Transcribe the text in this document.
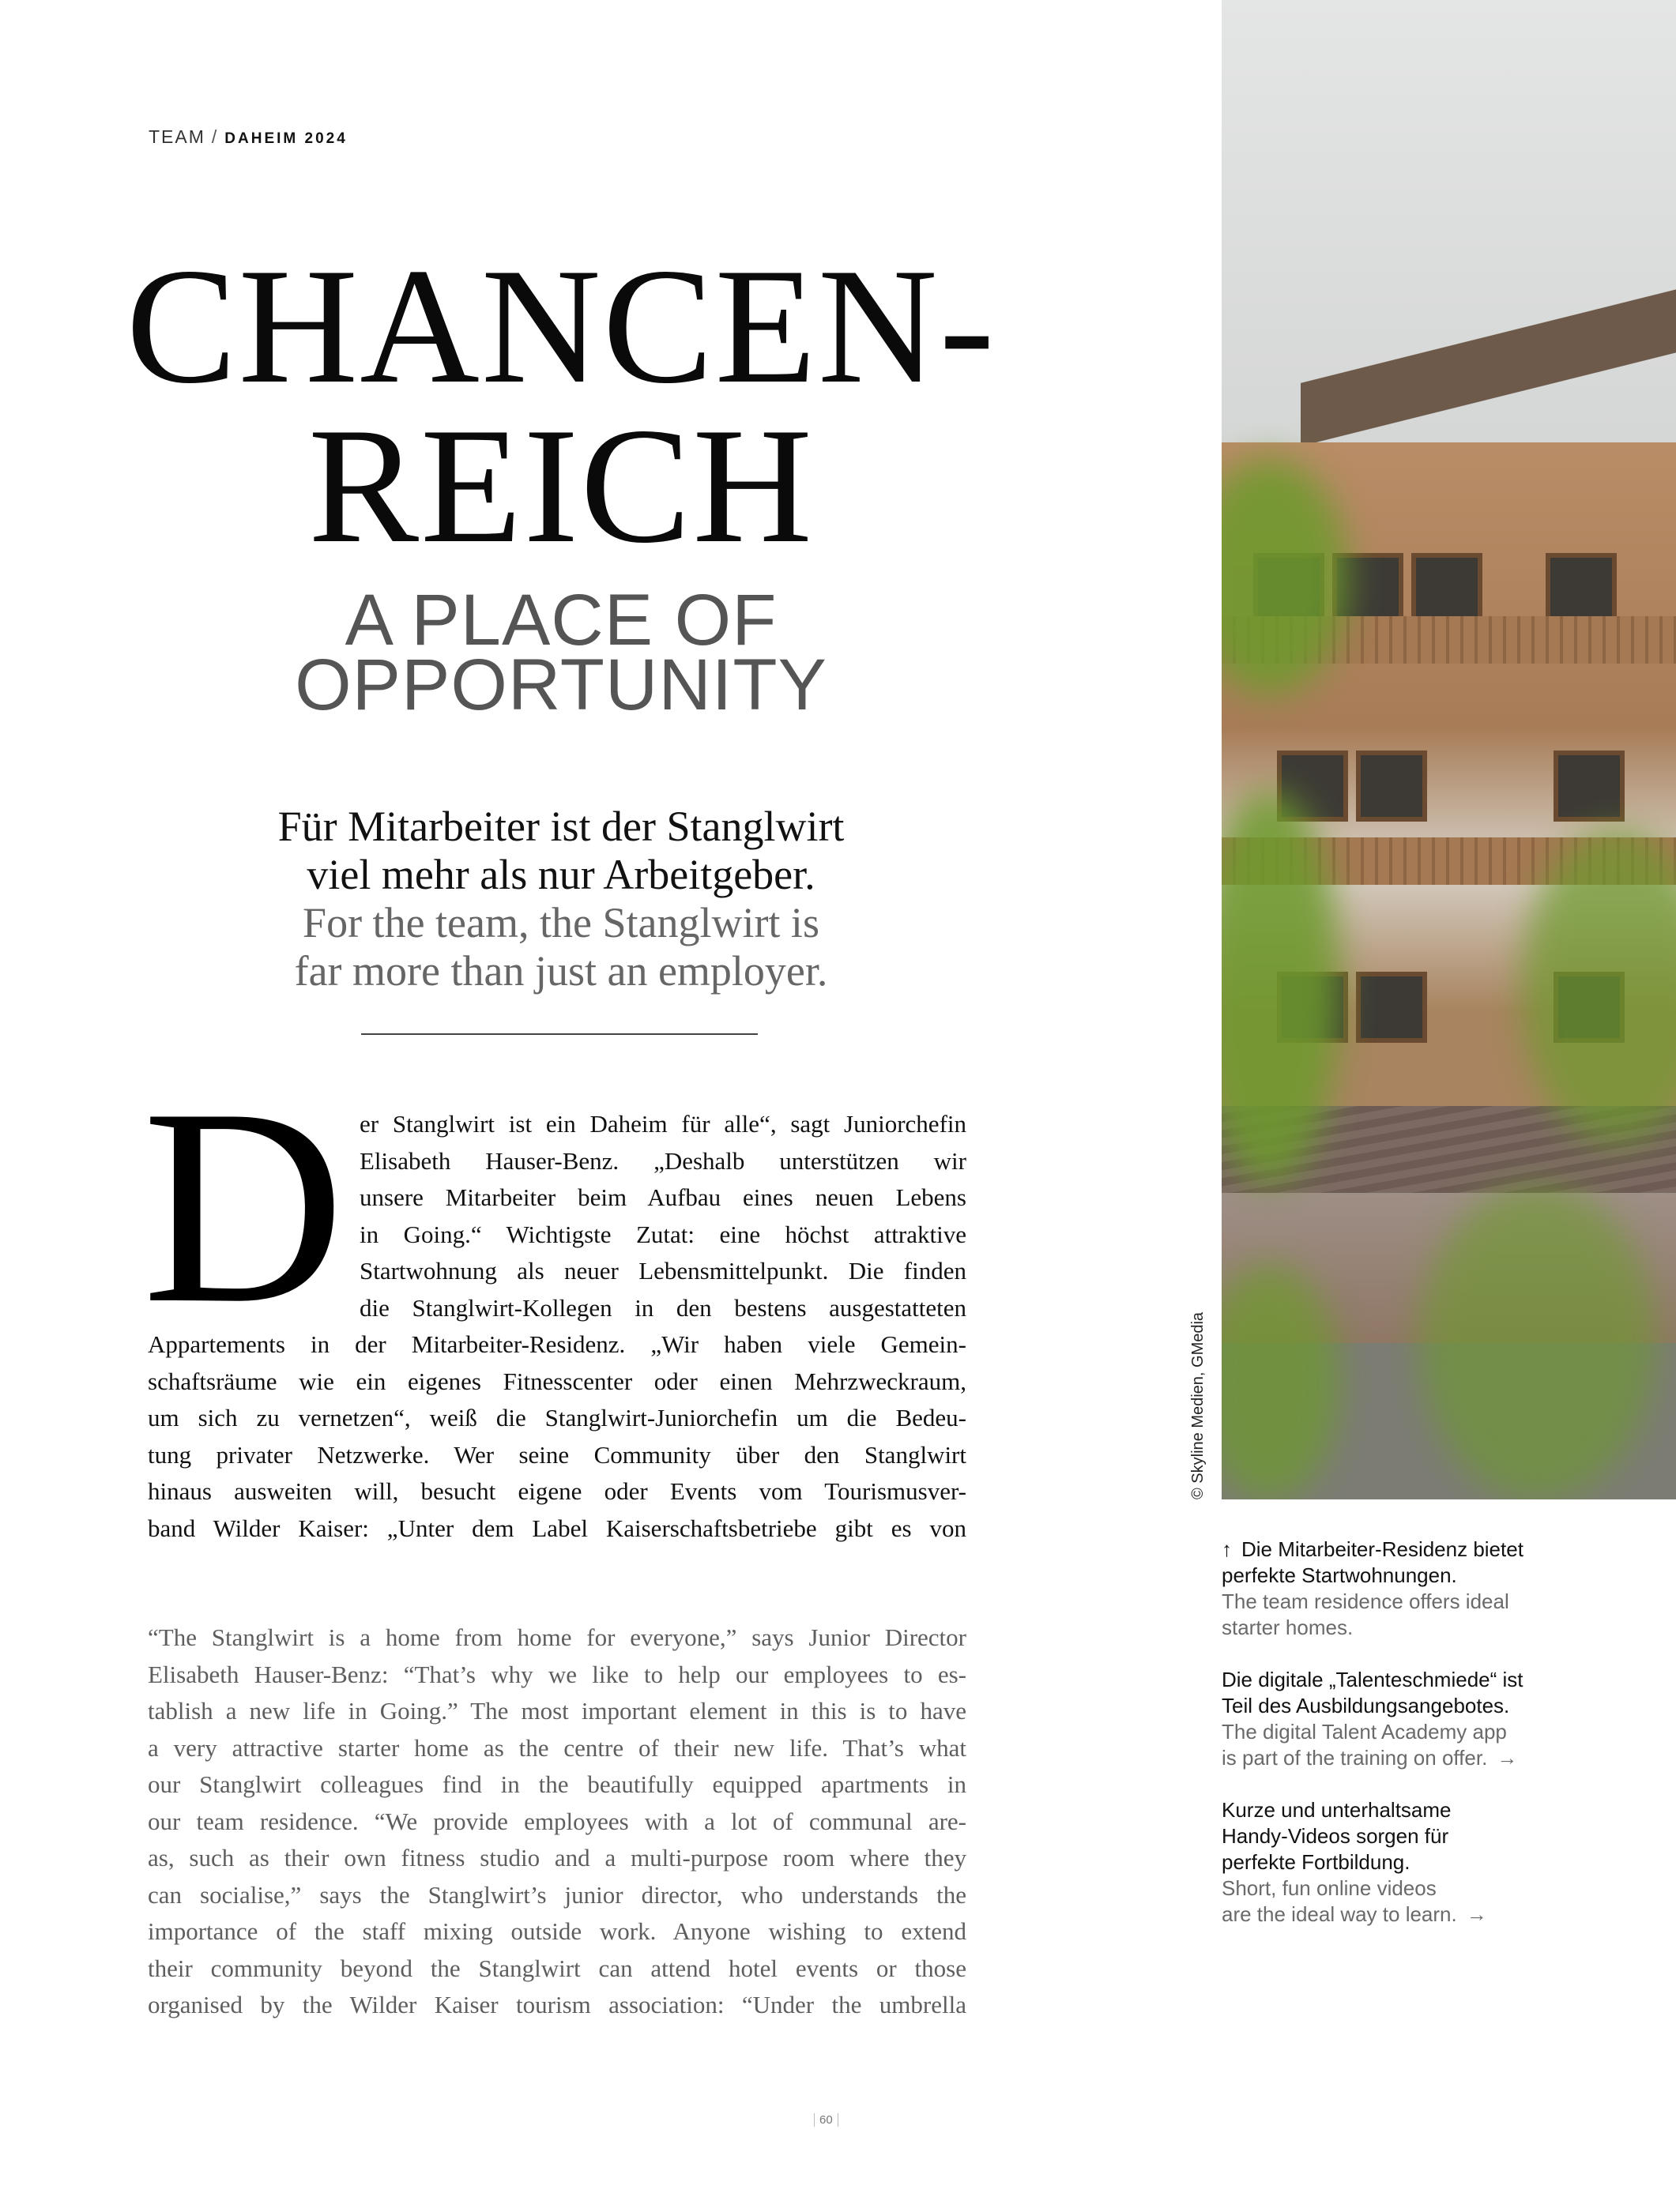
TEAM / DAHEIM 2024
CHANCEN-
REICH
A PLACE OF
OPPORTUNITY
Für Mitarbeiter ist der Stanglwirt
viel mehr als nur Arbeitgeber.
For the team, the Stanglwirt is
far more than just an employer.
D er Stanglwirt ist ein Daheim für alle“, sagt Juniorchefin
Elisabeth Hauser-Benz. „Deshalb unterstützen wir
unsere Mitarbeiter beim Aufbau eines neuen Lebens
in Going.“ Wichtigste Zutat: eine höchst attraktive
Startwohnung als neuer Lebensmittelpunkt. Die finden
die Stanglwirt-Kollegen in den bestens ausgestatteten
Appartements in der Mitarbeiter-Residenz. „Wir haben viele Gemein-
schaftsräume wie ein eigenes Fitnesscenter oder einen Mehrzweckraum,
um sich zu vernetzen“, weiß die Stanglwirt-Juniorchefin um die Bedeu-
tung privater Netzwerke. Wer seine Community über den Stanglwirt
hinaus ausweiten will, besucht eigene oder Events vom Tourismusver-
band Wilder Kaiser: „Unter dem Label Kaiserschaftsbetriebe gibt es von
“The Stanglwirt is a home from home for everyone,” says Junior Director
Elisabeth Hauser-Benz: “That’s why we like to help our employees to es-
tablish a new life in Going.” The most important element in this is to have
a very attractive starter home as the centre of their new life. That’s what
our Stanglwirt colleagues find in the beautifully equipped apartments in
our team residence. “We provide employees with a lot of communal are-
as, such as their own fitness studio and a multi-purpose room where they
can socialise,” says the Stanglwirt’s junior director, who understands the
importance of the staff mixing outside work. Anyone wishing to extend
their community beyond the Stanglwirt can attend hotel events or those
organised by the Wilder Kaiser tourism association: “Under the umbrella
© Skyline Medien, GMedia
↑ Die Mitarbeiter-Residenz bietet
perfekte Startwohnungen.
The team residence offers ideal
starter homes.
Die digitale „Talenteschmiede“ ist
Teil des Ausbildungsangebotes.
The digital Talent Academy app
is part of the training on offer. →
Kurze und unterhaltsame
Handy-Videos sorgen für
perfekte Fortbildung.
Short, fun online videos
are the ideal way to learn. →
60
